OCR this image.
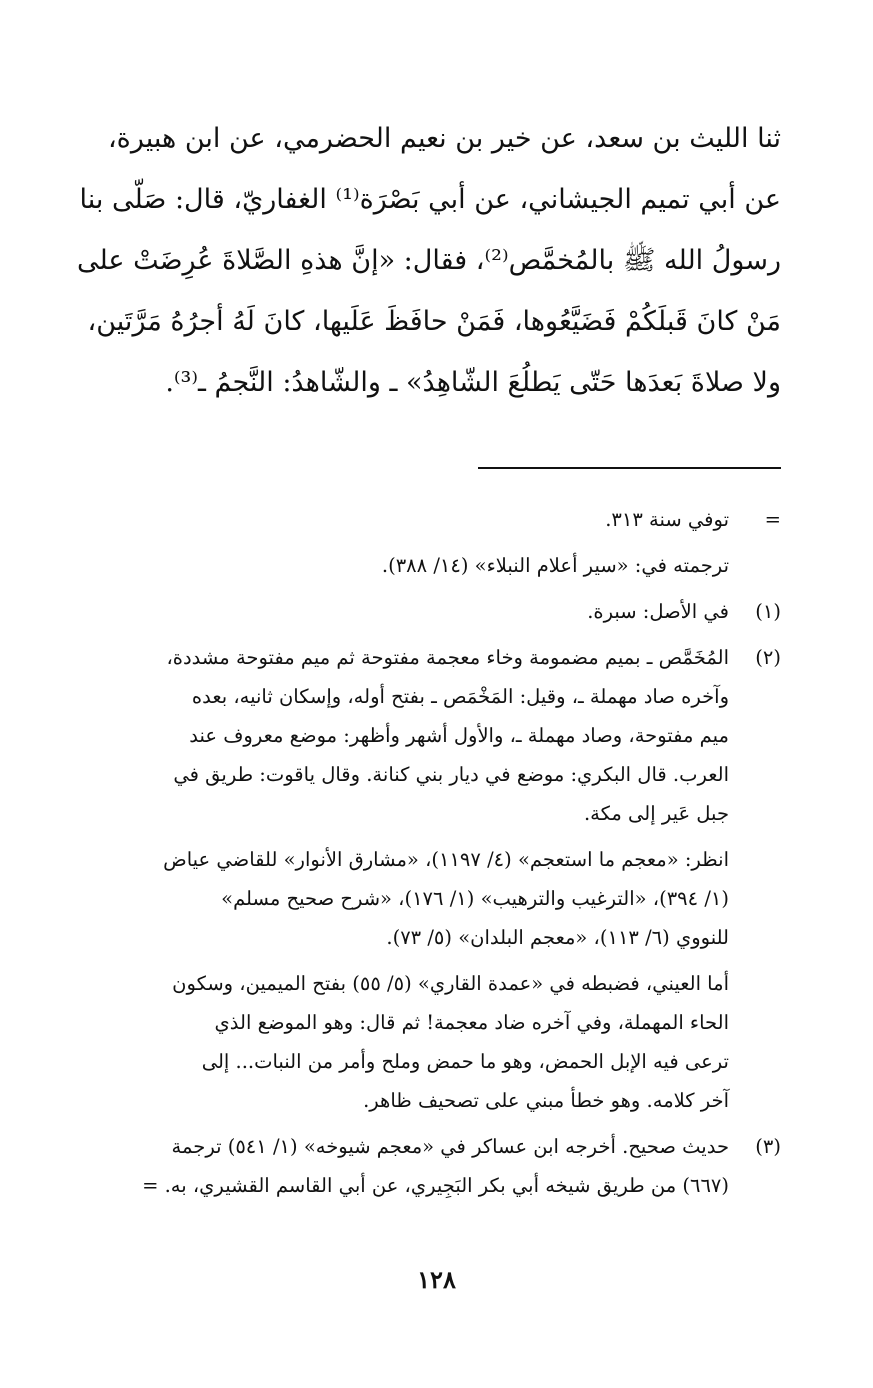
ثنا الليث بن سعد، عن خير بن نعيم الحضرمي، عن ابن هبيرة،
عن أبي تميم الجيشاني، عن أبي بَصْرَة⁽¹⁾ الغفاريّ، قال: صَلّى بنا
رسولُ الله ﷺ بالمُخمَّص⁽²⁾، فقال: «إنَّ هذهِ الصَّلاةَ عُرِضَتْ على
مَنْ كانَ قَبلَكُمْ فَضَيَّعُوها، فَمَنْ حافَظَ عَلَيها، كانَ لَهُ أجرُهُ مَرَّتَين،
ولا صلاةَ بَعدَها حَتّى يَطلُعَ الشّاهِدُ» ـ والشّاهدُ: النَّجمُ ـ⁽³⁾.

=

توفي سنة ٣١٣.

ترجمته في: «سير أعلام النبلاء» (١٤/ ٣٨٨).

(١)

في الأصل: سبرة.

(٢)

المُخَمَّص ـ بميم مضمومة وخاء معجمة مفتوحة ثم ميم مفتوحة مشددة،
وآخره صاد مهملة ـ، وقيل: المَخْمَص ـ بفتح أوله، وإسكان ثانيه، بعده
ميم مفتوحة، وصاد مهملة ـ، والأول أشهر وأظهر: موضع معروف عند
العرب. قال البكري: موضع في ديار بني كنانة. وقال ياقوت: طريق في
جبل عَير إلى مكة.

انظر: «معجم ما استعجم» (٤/ ١١٩٧)، «مشارق الأنوار» للقاضي عياض
(١/ ٣٩٤)، «الترغيب والترهيب» (١/ ١٧٦)، «شرح صحيح مسلم»
للنووي (٦/ ١١٣)، «معجم البلدان» (٥/ ٧٣).

أما العيني، فضبطه في «عمدة القاري» (٥/ ٥٥) بفتح الميمين، وسكون
الحاء المهملة، وفي آخره ضاد معجمة! ثم قال: وهو الموضع الذي
ترعى فيه الإبل الحمض، وهو ما حمض وملح وأمر من النبات... إلى
آخر كلامه. وهو خطأ مبني على تصحيف ظاهر.

(٣)

حديث صحيح. أخرجه ابن عساكر في «معجم شيوخه» (١/ ٥٤١) ترجمة
(٦٦٧) من طريق شيخه أبي بكر البَجِيري، عن أبي القاسم القشيري، به. =

١٢٨
